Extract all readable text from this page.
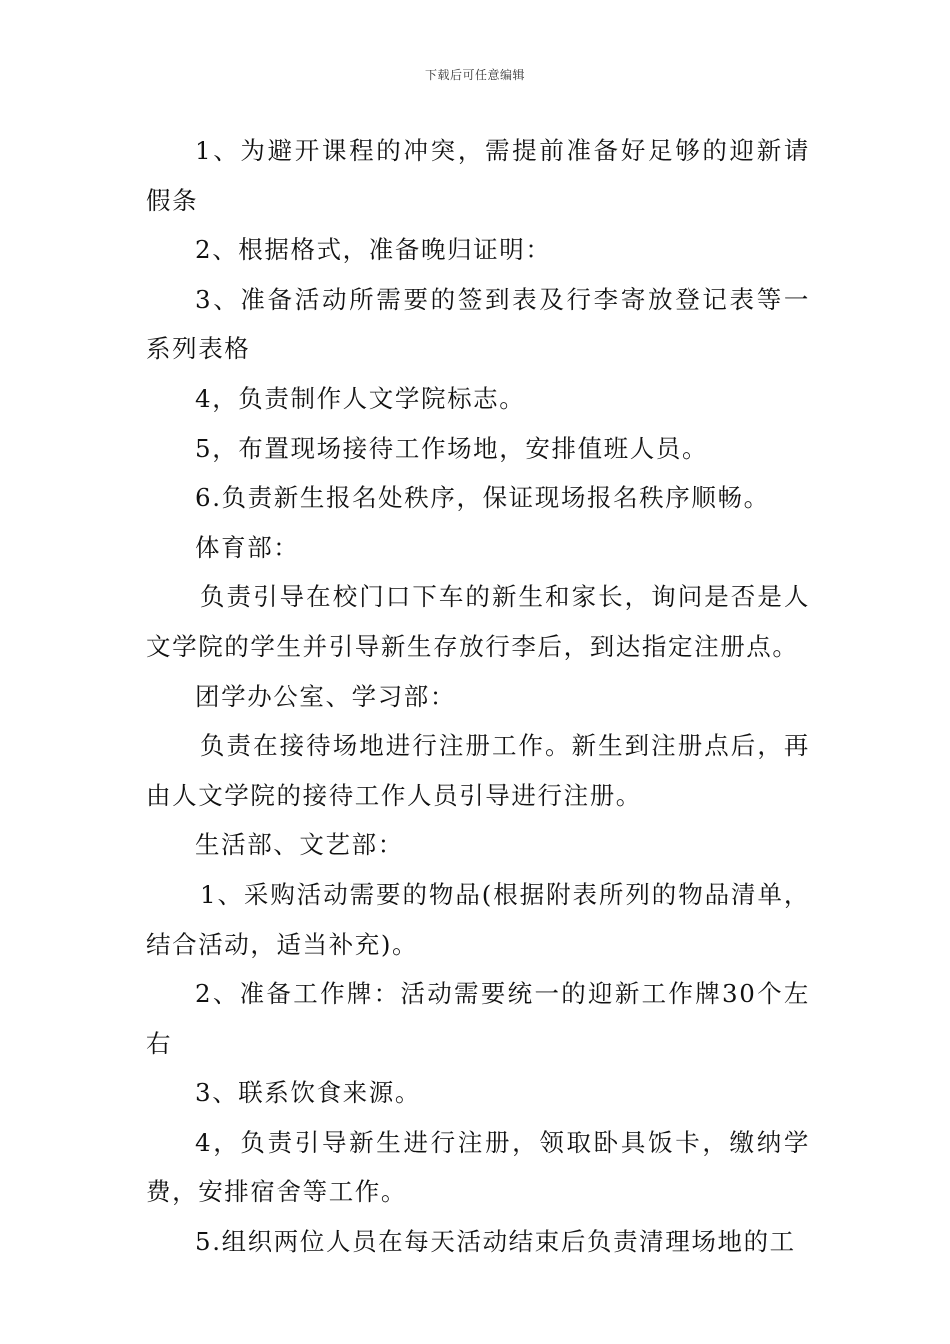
下载后可任意编辑

1、为避开课程的冲突，需提前准备好足够的迎新请假条

2、根据格式，准备晚归证明：

3、准备活动所需要的签到表及行李寄放登记表等一系列表格

4，负责制作人文学院标志。

5，布置现场接待工作场地，安排值班人员。

6.负责新生报名处秩序，保证现场报名秩序顺畅。

体育部：

负责引导在校门口下车的新生和家长，询问是否是人文学院的学生并引导新生存放行李后，到达指定注册点。

团学办公室、学习部：

负责在接待场地进行注册工作。新生到注册点后，再由人文学院的接待工作人员引导进行注册。

生活部、文艺部：

1、采购活动需要的物品(根据附表所列的物品清单，结合活动，适当补充)。

2、准备工作牌：活动需要统一的迎新工作牌30个左右

3、联系饮食来源。

4，负责引导新生进行注册，领取卧具饭卡，缴纳学费，安排宿舍等工作。

5.组织两位人员在每天活动结束后负责清理场地的工
